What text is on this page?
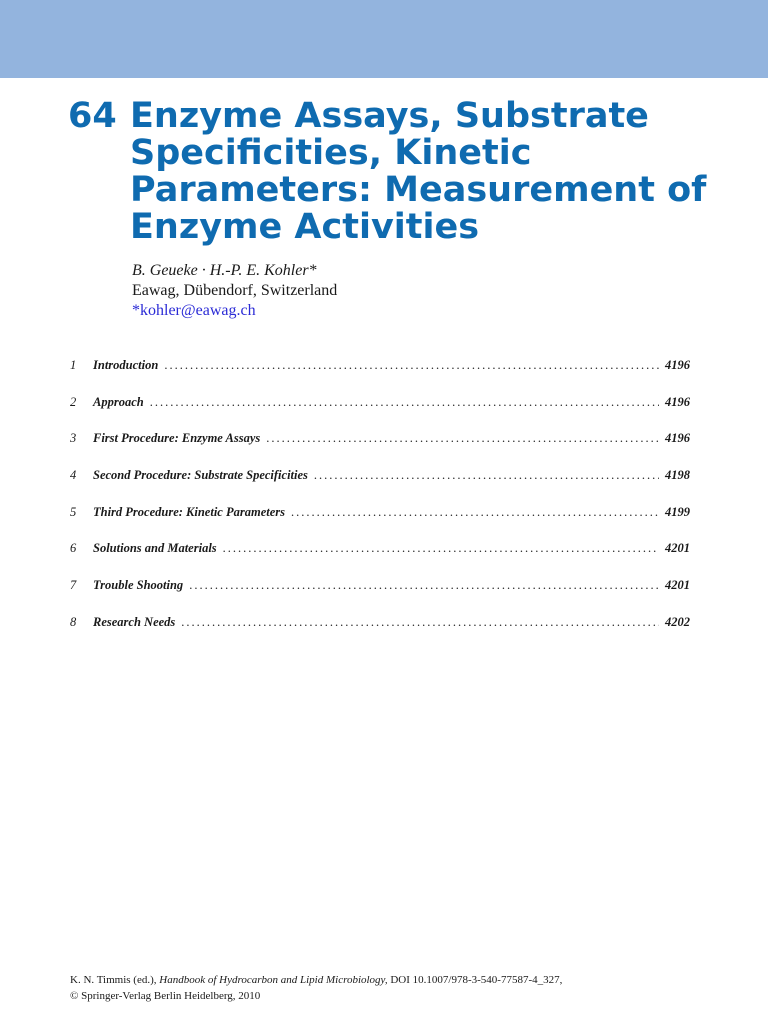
64 Enzyme Assays, Substrate Specificities, Kinetic Parameters: Measurement of Enzyme Activities
B. Geueke · H.-P. E. Kohler*
Eawag, Dübendorf, Switzerland
*kohler@eawag.ch
1	Introduction .....	4196
2	Approach .....	4196
3	First Procedure: Enzyme Assays .....	4196
4	Second Procedure: Substrate Specificities .....	4198
5	Third Procedure: Kinetic Parameters .....	4199
6	Solutions and Materials .....	4201
7	Trouble Shooting .....	4201
8	Research Needs .....	4202
K. N. Timmis (ed.), Handbook of Hydrocarbon and Lipid Microbiology, DOI 10.1007/978-3-540-77587-4_327,
© Springer-Verlag Berlin Heidelberg, 2010
